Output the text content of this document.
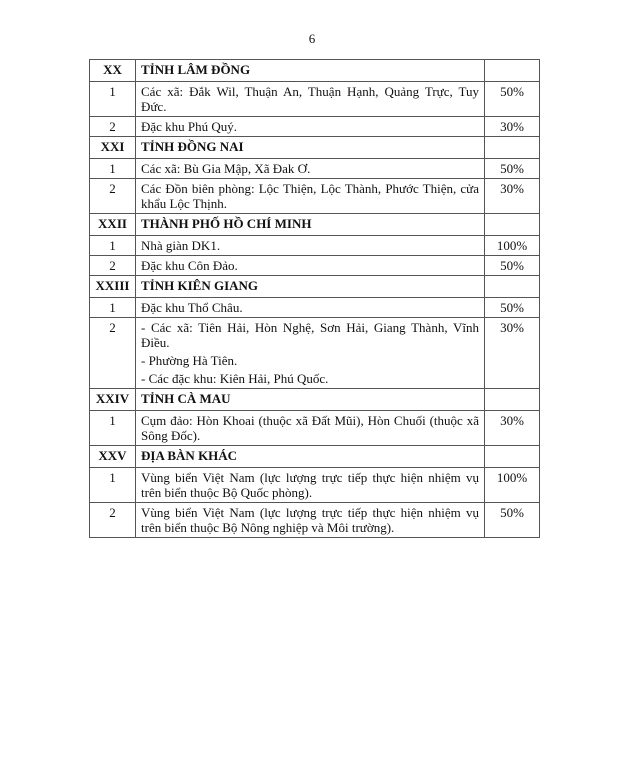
6
XX	TỈNH LÂM ĐỒNG	
1	Các xã: Đắk Wil, Thuận An, Thuận Hạnh, Quảng Trực, Tuy Đức.	50%
2	Đặc khu Phú Quý.	30%
XXI	TỈNH ĐỒNG NAI	
1	Các xã: Bù Gia Mập, Xã Đak Ơ.	50%
2	Các Đồn biên phòng: Lộc Thiện, Lộc Thành, Phước Thiện, cửa khẩu Lộc Thịnh.	30%
XXII	THÀNH PHỐ HỒ CHÍ MINH	
1	Nhà giàn DK1.	100%
2	Đặc khu Côn Đảo.	50%
XXIII	TỈNH KIÊN GIANG	
1	Đặc khu Thổ Châu.	50%
2	- Các xã: Tiên Hải, Hòn Nghệ, Sơn Hải, Giang Thành, Vĩnh Điều.
- Phường Hà Tiên.
- Các đặc khu: Kiên Hải, Phú Quốc.	30%
XXIV	TỈNH CÀ MAU	
1	Cụm đảo: Hòn Khoai (thuộc xã Đất Mũi), Hòn Chuối (thuộc xã Sông Đốc).	30%
XXV	ĐỊA BÀN KHÁC	
1	Vùng biển Việt Nam (lực lượng trực tiếp thực hiện nhiệm vụ trên biển thuộc Bộ Quốc phòng).	100%
2	Vùng biển Việt Nam (lực lượng trực tiếp thực hiện nhiệm vụ trên biển thuộc Bộ Nông nghiệp và Môi trường).	50%
